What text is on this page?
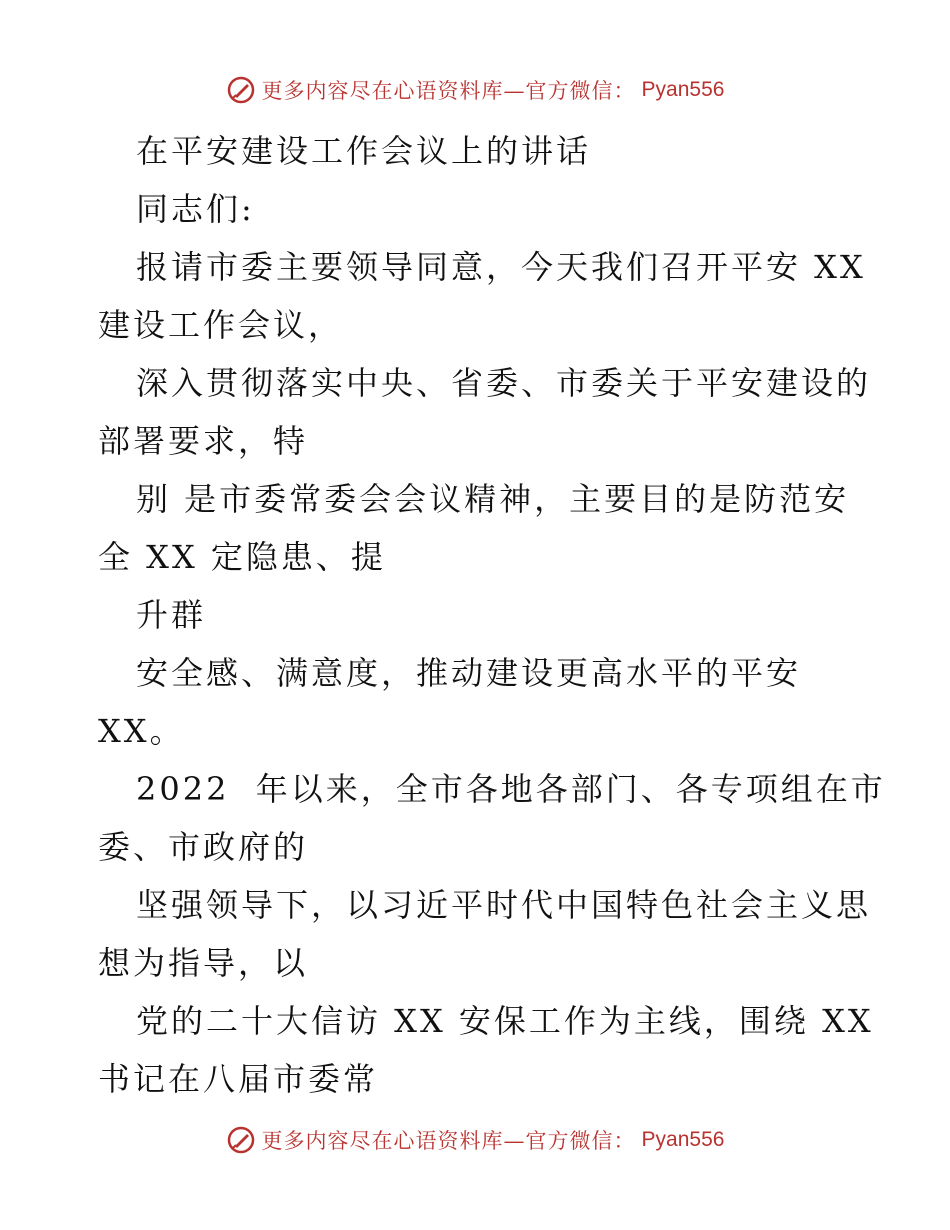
更多内容尽在心语资料库—官方微信： Pyan556
在平安建设工作会议上的讲话
同志们:
报请市委主要领导同意，今天我们召开平安 XX
建设工作会议，
深入贯彻落实中央、省委、市委关于平安建设的
部署要求，特
别 是市委常委会会议精神，主要目的是防范安
全 XX 定隐患、提
升群
安全感、满意度，推动建设更高水平的平安
XX。
2022  年以来，全市各地各部门、各专项组在市
委、市政府的
坚强领导下，以习近平时代中国特色社会主义思
想为指导，以
党的二十大信访 XX 安保工作为主线，围绕 XX
书记在八届市委常
更多内容尽在心语资料库—官方微信： Pyan556
